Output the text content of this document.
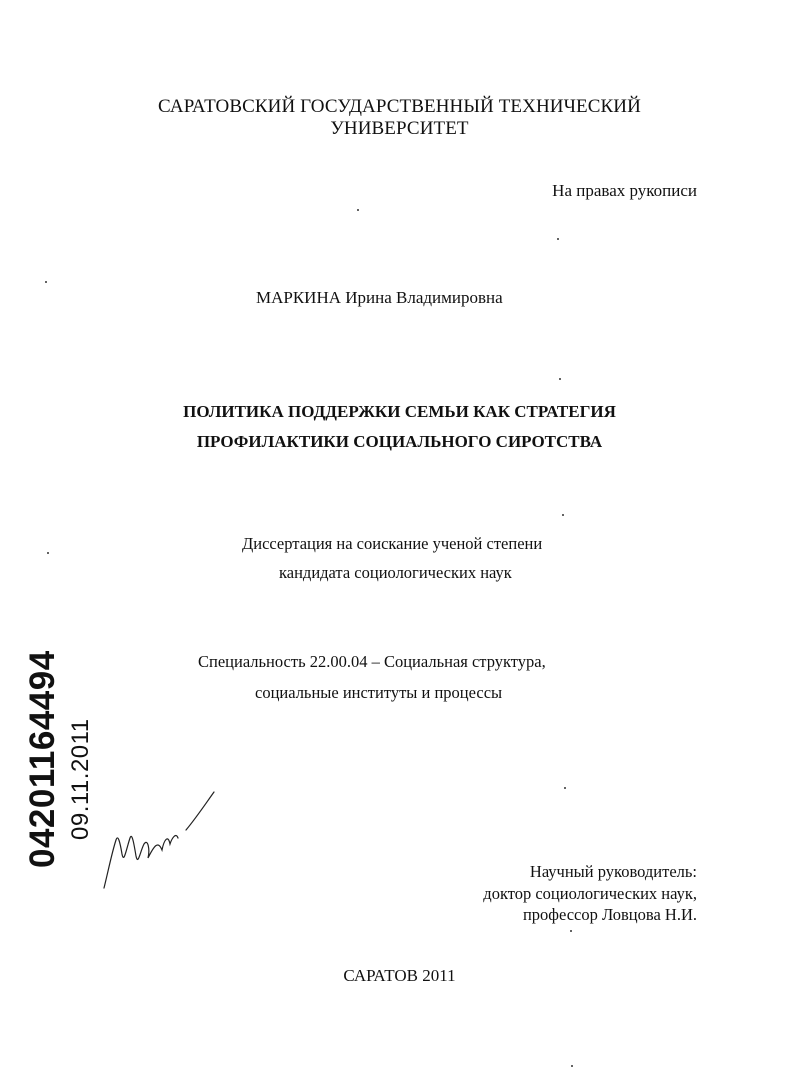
САРАТОВСКИЙ ГОСУДАРСТВЕННЫЙ ТЕХНИЧЕСКИЙ
УНИВЕРСИТЕТ
На правах рукописи
МАРКИНА Ирина Владимировна
ПОЛИТИКА ПОДДЕРЖКИ СЕМЬИ КАК СТРАТЕГИЯ
ПРОФИЛАКТИКИ СОЦИАЛЬНОГО СИРОТСТВА
Диссертация на соискание ученой степени
кандидата социологических наук
Специальность 22.00.04 – Социальная структура,
социальные институты и процессы
Научный руководитель:
доктор социологических наук,
профессор Ловцова Н.И.
САРАТОВ 2011
04201164494 09.11.2011
